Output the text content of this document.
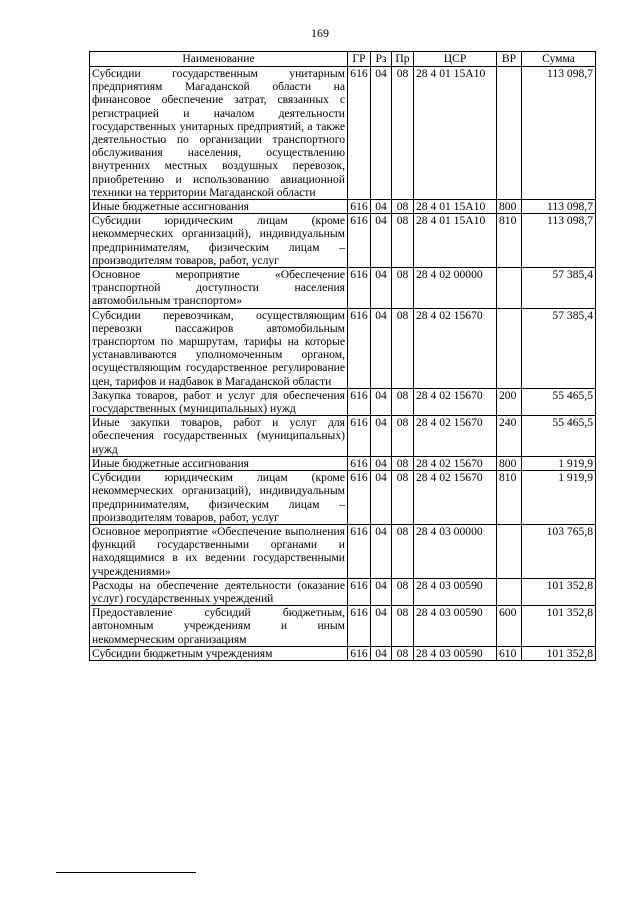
169
Наименование	ГР	Рз	Пр	ЦСР	ВР	Сумма
Субсидии государственным унитарным предприятиям Магаданской области на финансовое обеспечение затрат, связанных с регистрацией и началом деятельности государственных унитарных предприятий, а также деятельностью по организации транспортного обслуживания населения, осуществлению внутренних местных воздушных перевозок, приобретению и использованию авиационной техники на территории Магаданской области	616	04	08	28 4 01 15А10		113 098,7
Иные бюджетные ассигнования	616	04	08	28 4 01 15А10	800	113 098,7
Субсидии юридическим лицам (кроме некоммерческих организаций), индивидуальным предпринимателям, физическим лицам – производителям товаров, работ, услуг	616	04	08	28 4 01 15А10	810	113 098,7
Основное мероприятие «Обеспечение транспортной доступности населения автомобильным транспортом»	616	04	08	28 4 02 00000		57 385,4
Субсидии перевозчикам, осуществляющим перевозки пассажиров автомобильным транспортом по маршрутам, тарифы на которые устанавливаются уполномоченным органом, осуществляющим государственное регулирование цен, тарифов и надбавок в Магаданской области	616	04	08	28 4 02 15670		57 385,4
Закупка товаров, работ и услуг для обеспечения государственных (муниципальных) нужд	616	04	08	28 4 02 15670	200	55 465,5
Иные закупки товаров, работ и услуг для обеспечения государственных (муниципальных) нужд	616	04	08	28 4 02 15670	240	55 465,5
Иные бюджетные ассигнования	616	04	08	28 4 02 15670	800	1 919,9
Субсидии юридическим лицам (кроме некоммерческих организаций), индивидуальным предпринимателям, физическим лицам – производителям товаров, работ, услуг	616	04	08	28 4 02 15670	810	1 919,9
Основное мероприятие «Обеспечение выполнения функций государственными органами и находящимися в их ведении государственными учреждениями»	616	04	08	28 4 03 00000		103 765,8
Расходы на обеспечение деятельности (оказание услуг) государственных учреждений	616	04	08	28 4 03 00590		101 352,8
Предоставление субсидий бюджетным, автономным учреждениям и иным некоммерческим организациям	616	04	08	28 4 03 00590	600	101 352,8
Субсидии бюджетным учреждениям	616	04	08	28 4 03 00590	610	101 352,8
